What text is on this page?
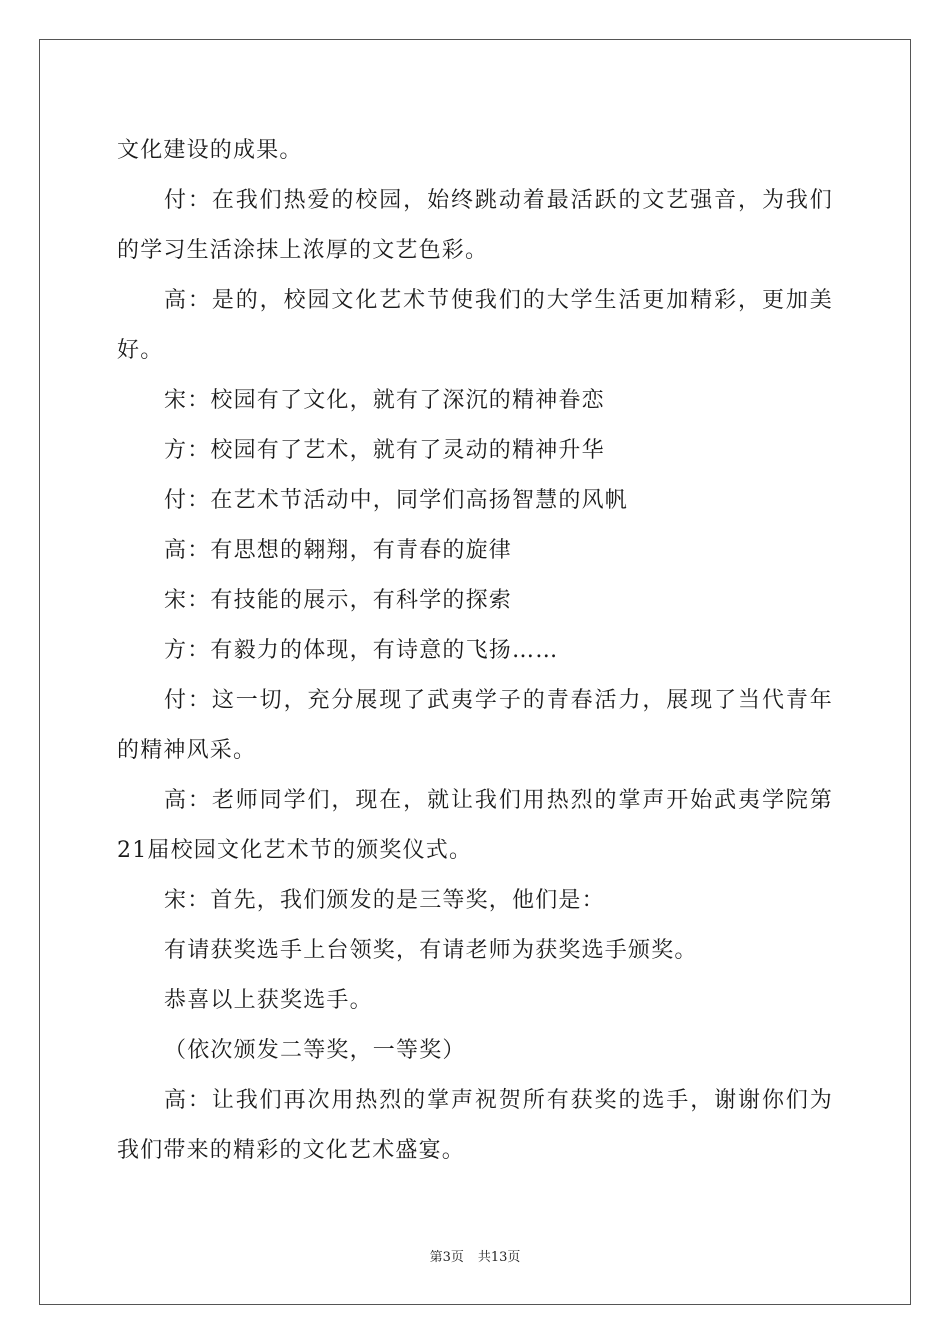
文化建设的成果。

付：在我们热爱的校园，始终跳动着最活跃的文艺强音，为我们的学习生活涂抹上浓厚的文艺色彩。

高：是的，校园文化艺术节使我们的大学生活更加精彩，更加美好。

宋：校园有了文化，就有了深沉的精神眷恋

方：校园有了艺术，就有了灵动的精神升华

付：在艺术节活动中，同学们高扬智慧的风帆

高：有思想的翱翔，有青春的旋律

宋：有技能的展示，有科学的探索

方：有毅力的体现，有诗意的飞扬……

付：这一切，充分展现了武夷学子的青春活力，展现了当代青年的精神风采。

高：老师同学们，现在，就让我们用热烈的掌声开始武夷学院第21届校园文化艺术节的颁奖仪式。

宋：首先，我们颁发的是三等奖，他们是：

有请获奖选手上台领奖，有请老师为获奖选手颁奖。

恭喜以上获奖选手。

（依次颁发二等奖，一等奖）

高：让我们再次用热烈的掌声祝贺所有获奖的选手，谢谢你们为我们带来的精彩的文化艺术盛宴。

第3页 共13页
